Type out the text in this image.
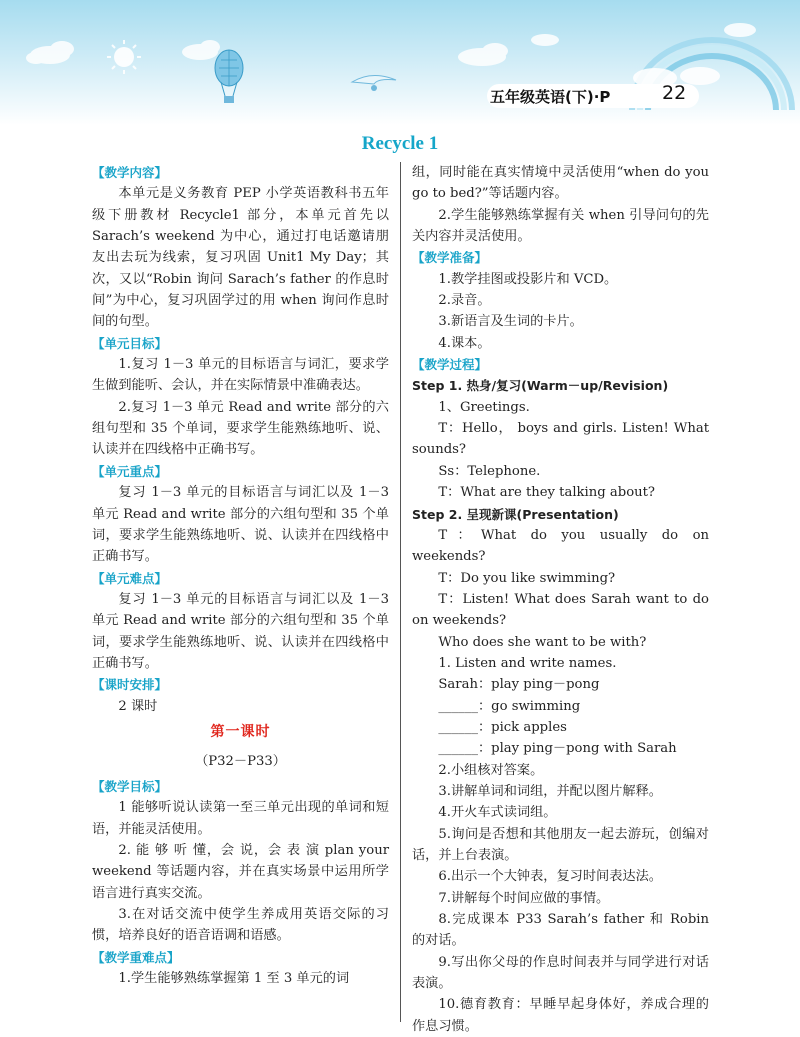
五年级英语(下)·P	22
Recycle 1

【教学内容】

本单元是义务教育 PEP 小学英语教科书五年级下册教材 Recycle1 部分，本单元首先以 Sarach’s weekend 为中心，通过打电话邀请朋友出去玩为线索，复习巩固 Unit1 My Day；其次，又以“Robin 询问 Sarach’s father 的作息时间”为中心，复习巩固学过的用 when 询问作息时间的句型。

【单元目标】

1.复习 1－3 单元的目标语言与词汇，要求学生做到能听、会认，并在实际情景中准确表达。

2.复习 1－3 单元 Read and write 部分的六组句型和 35 个单词，要求学生能熟练地听、说、认读并在四线格中正确书写。

【单元重点】

复习 1－3 单元的目标语言与词汇以及 1－3 单元 Read and write 部分的六组句型和 35 个单词，要求学生能熟练地听、说、认读并在四线格中正确书写。

【单元难点】

复习 1－3 单元的目标语言与词汇以及 1－3 单元 Read and write 部分的六组句型和 35 个单词，要求学生能熟练地听、说、认读并在四线格中正确书写。

【课时安排】

2 课时

第一课时

（P32－P33）

【教学目标】

1 能够听说认读第一至三单元出现的单词和短语，并能灵活使用。

2. 能 够 听 懂，会 说，会 表 演 plan your weekend 等话题内容，并在真实场景中运用所学语言进行真实交流。

3.在对话交流中使学生养成用英语交际的习惯，培养良好的语音语调和语感。

【教学重难点】

1.学生能够熟练掌握第 1 至 3 单元的词

组，同时能在真实情境中灵活使用“when do you go to bed?”等话题内容。

2.学生能够熟练掌握有关 when 引导问句的先关内容并灵活使用。

【教学准备】

1.教学挂图或投影片和 VCD。

2.录音。

3.新语言及生词的卡片。

4.课本。

【教学过程】

Step 1. 热身/复习(Warm－up/Revision)

1、Greetings.

T：Hello， boys and girls. Listen! What sounds?

Ss：Telephone.

T：What are they talking about?

Step 2. 呈现新课(Presentation)

T：What do you usually do on weekends?

T：Do you like swimming?

T：Listen! What does Sarah want to do on weekends?

Who does she want to be with?

1. Listen and write names.

Sarah：play ping－pong

______：go swimming

______：pick apples

______：play ping－pong with Sarah

2.小组核对答案。

3.讲解单词和词组，并配以图片解释。

4.开火车式读词组。

5.询问是否想和其他朋友一起去游玩，创编对话，并上台表演。

6.出示一个大钟表，复习时间表达法。

7.讲解每个时间应做的事情。

8.完成课本 P33 Sarah’s father 和 Robin 的对话。

9.写出你父母的作息时间表并与同学进行对话表演。

10.德育教育：早睡早起身体好，养成合理的作息习惯。
